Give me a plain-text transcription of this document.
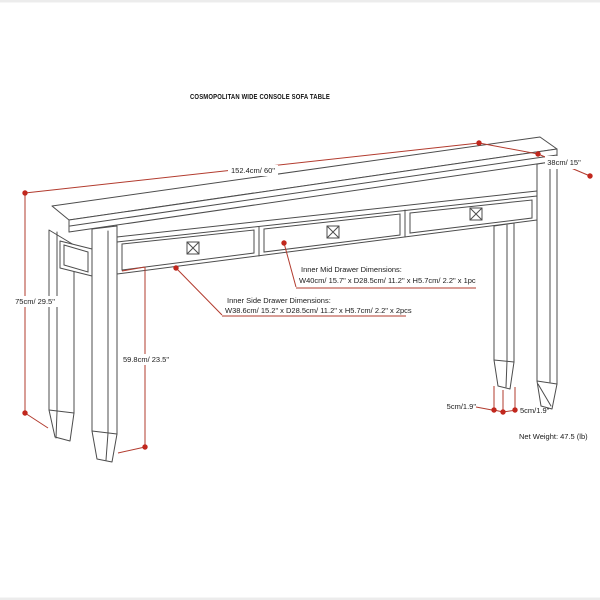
COSMOPOLITAN WIDE CONSOLE SOFA TABLE
152.4cm/ 60"
38cm/ 15"
75cm/ 29.5"
59.8cm/ 23.5"
5cm/1.9"	5cm/1.9"
Inner Mid Drawer Dimensions:
W40cm/ 15.7" x D28.5cm/ 11.2" x H5.7cm/ 2.2" x 1pc
Inner Side Drawer Dimensions:
W38.6cm/ 15.2" x D28.5cm/ 11.2" x H5.7cm/ 2.2" x 2pcs
Net Weight: 47.5 (lb)
